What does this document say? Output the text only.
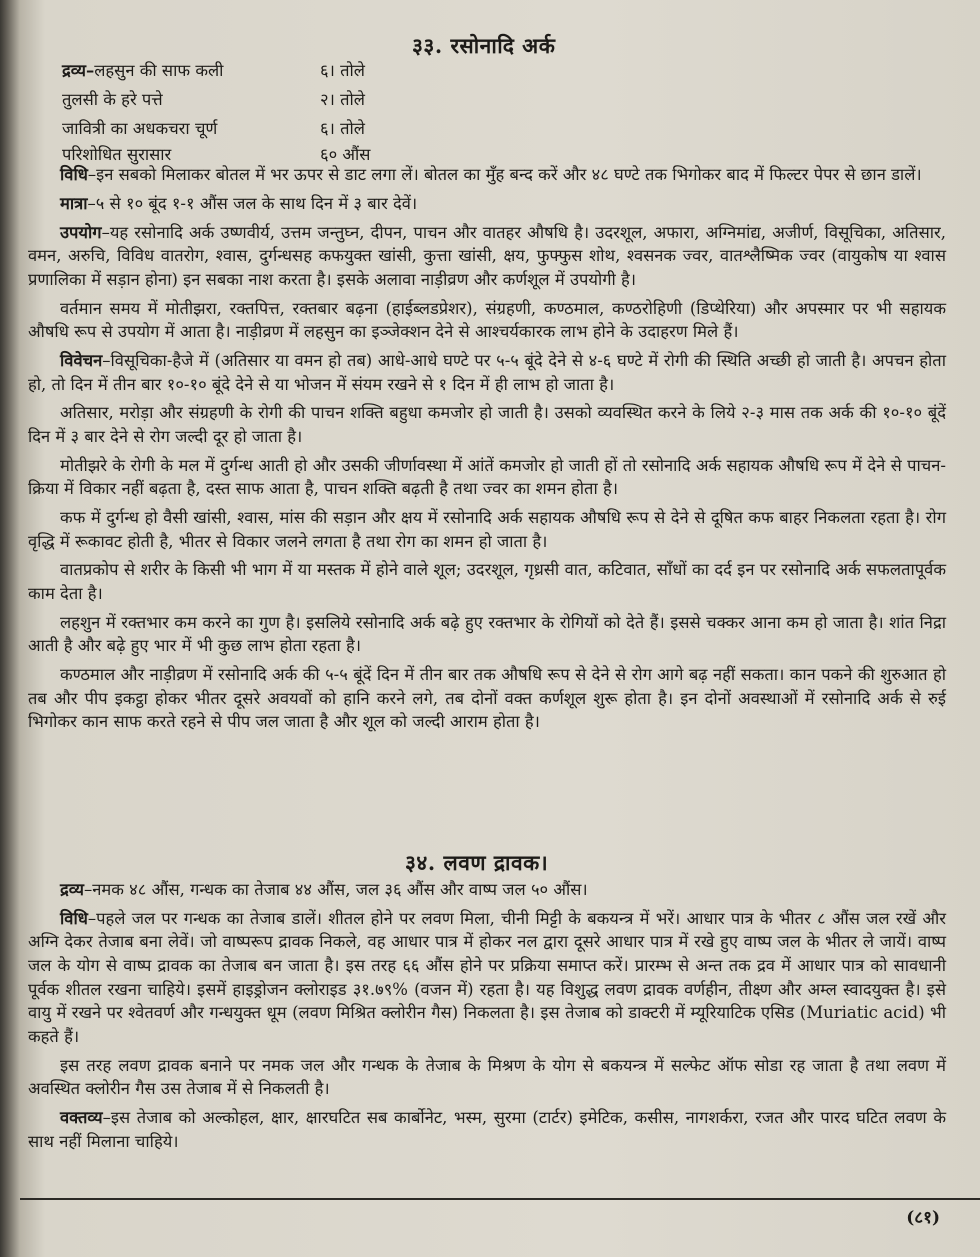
३३. रसोनादि अर्क
द्रव्य–लहसुन की साफ कली	६। तोले
तुलसी के हरे पत्ते	२। तोले
जावित्री का अधकचरा चूर्ण	६। तोले
परिशोधित सुरासार	६० औंस

विधि–इन सबको मिलाकर बोतल में भर ऊपर से डाट लगा लें। बोतल का मुँह बन्द करें और ४८ घण्टे तक भिगोकर बाद में फिल्टर पेपर से छान डालें।

मात्रा–५ से १० बूंद १-१ औंस जल के साथ दिन में ३ बार देवें।

उपयोग–यह रसोनादि अर्क उष्णवीर्य, उत्तम जन्तुघ्न, दीपन, पाचन और वातहर औषधि है। उदरशूल, अफारा, अग्निमांद्य, अजीर्ण, विसूचिका, अतिसार, वमन, अरुचि, विविध वातरोग, श्वास, दुर्गन्धसह कफयुक्त खांसी, कुत्ता खांसी, क्षय, फुफ्फुस शोथ, श्वसनक ज्वर, वातश्लैष्मिक ज्वर (वायुकोष या श्वास प्रणालिका में सड़ान होना) इन सबका नाश करता है। इसके अलावा नाड़ीव्रण और कर्णशूल में उपयोगी है।

वर्तमान समय में मोतीझरा, रक्तपित्त, रक्तबार बढ़ना (हाईब्लडप्रेशर), संग्रहणी, कण्ठमाल, कण्ठरोहिणी (डिप्थेरिया) और अपस्मार पर भी सहायक औषधि रूप से उपयोग में आता है। नाड़ीव्रण में लहसुन का इञ्जेक्शन देने से आश्चर्यकारक लाभ होने के उदाहरण मिले हैं।

विवेचन–विसूचिका-हैजे में (अतिसार या वमन हो तब) आधे-आधे घण्टे पर ५-५ बूंदे देने से ४-६ घण्टे में रोगी की स्थिति अच्छी हो जाती है। अपचन होता हो, तो दिन में तीन बार १०-१० बूंदे देने से या भोजन में संयम रखने से १ दिन में ही लाभ हो जाता है।

अतिसार, मरोड़ा और संग्रहणी के रोगी की पाचन शक्ति बहुधा कमजोर हो जाती है। उसको व्यवस्थित करने के लिये २-३ मास तक अर्क की १०-१० बूंदें दिन में ३ बार देने से रोग जल्दी दूर हो जाता है।

मोतीझरे के रोगी के मल में दुर्गन्ध आती हो और उसकी जीर्णावस्था में आंतें कमजोर हो जाती हों तो रसोनादि अर्क सहायक औषधि रूप में देने से पाचन-क्रिया में विकार नहीं बढ़ता है, दस्त साफ आता है, पाचन शक्ति बढ़ती है तथा ज्वर का शमन होता है।

कफ में दुर्गन्ध हो वैसी खांसी, श्वास, मांस की सड़ान और क्षय में रसोनादि अर्क सहायक औषधि रूप से देने से दूषित कफ बाहर निकलता रहता है। रोग वृद्धि में रूकावट होती है, भीतर से विकार जलने लगता है तथा रोग का शमन हो जाता है।

वातप्रकोप से शरीर के किसी भी भाग में या मस्तक में होने वाले शूल; उदरशूल, गृध्रसी वात, कटिवात, साँधों का दर्द इन पर रसोनादि अर्क सफलतापूर्वक काम देता है।

लहशुन में रक्तभार कम करने का गुण है। इसलिये रसोनादि अर्क बढ़े हुए रक्तभार के रोगियों को देते हैं। इससे चक्कर आना कम हो जाता है। शांत निद्रा आती है और बढ़े हुए भार में भी कुछ लाभ होता रहता है।

कण्ठमाल और नाड़ीव्रण में रसोनादि अर्क की ५-५ बूंदें दिन में तीन बार तक औषधि रूप से देने से रोग आगे बढ़ नहीं सकता। कान पकने की शुरुआत हो तब और पीप इकट्ठा होकर भीतर दूसरे अवयवों को हानि करने लगे, तब दोनों वक्त कर्णशूल शुरू होता है। इन दोनों अवस्थाओं में रसोनादि अर्क से रुई भिगोकर कान साफ करते रहने से पीप जल जाता है और शूल को जल्दी आराम होता है।

३४. लवण द्रावक।

द्रव्य–नमक ४८ औंस, गन्धक का तेजाब ४४ औंस, जल ३६ औंस और वाष्प जल ५० औंस।

विधि–पहले जल पर गन्धक का तेजाब डालें। शीतल होने पर लवण मिला, चीनी मिट्टी के बकयन्त्र में भरें। आधार पात्र के भीतर ८ औंस जल रखें और अग्नि देकर तेजाब बना लेवें। जो वाष्परूप द्रावक निकले, वह आधार पात्र में होकर नल द्वारा दूसरे आधार पात्र में रखे हुए वाष्प जल के भीतर ले जायें। वाष्प जल के योग से वाष्प द्रावक का तेजाब बन जाता है। इस तरह ६६ औंस होने पर प्रक्रिया समाप्त करें। प्रारम्भ से अन्त तक द्रव में आधार पात्र को सावधानी पूर्वक शीतल रखना चाहिये। इसमें हाइड्रोजन क्लोराइड ३१.७९% (वजन में) रहता है। यह विशुद्ध लवण द्रावक वर्णहीन, तीक्ष्ण और अम्ल स्वादयुक्त है। इसे वायु में रखने पर श्वेतवर्ण और गन्धयुक्त धूम (लवण मिश्रित क्लोरीन गैस) निकलता है। इस तेजाब को डाक्टरी में म्यूरियाटिक एसिड (Muriatic acid) भी कहते हैं।

इस तरह लवण द्रावक बनाने पर नमक जल और गन्धक के तेजाब के मिश्रण के योग से बकयन्त्र में सल्फेट ऑफ सोडा रह जाता है तथा लवण में अवस्थित क्लोरीन गैस उस तेजाब में से निकलती है।

वक्तव्य–इस तेजाब को अल्कोहल, क्षार, क्षारघटित सब कार्बोनेट, भस्म, सुरमा (टार्टर) इमेटिक, कसीस, नागशर्करा, रजत और पारद घटित लवण के साथ नहीं मिलाना चाहिये।

(८१)
